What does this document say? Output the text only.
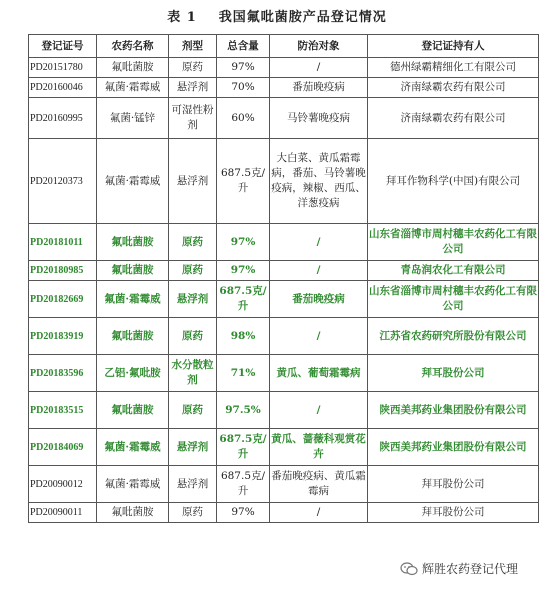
表 1 我国氟吡菌胺产品登记情况
登记证号	农药名称	剂型	总含量	防治对象	登记证持有人
PD20151780	氟吡菌胺	原药	97%	/	德州绿霸精细化工有限公司
PD20160046	氟菌·霜霉威	悬浮剂	70%	番茄晚疫病	济南绿霸农药有限公司
PD20160995	氟菌·锰锌	可湿性粉剂	60%	马铃薯晚疫病	济南绿霸农药有限公司
PD20120373	氟菌·霜霉威	悬浮剂	687.5克/升	大白菜、黄瓜霜霉病，番茄、马铃薯晚疫病，辣椒、西瓜、洋葱疫病	拜耳作物科学(中国)有限公司
PD20181011	氟吡菌胺	原药	97%	/	山东省淄博市周村穗丰农药化工有限公司
PD20180985	氟吡菌胺	原药	97%	/	青岛润农化工有限公司
PD20182669	氟菌·霜霉威	悬浮剂	687.5克/升	番茄晚疫病	山东省淄博市周村穗丰农药化工有限公司
PD20183919	氟吡菌胺	原药	98%	/	江苏省农药研究所股份有限公司
PD20183596	乙铝·氟吡胺	水分散粒剂	71%	黄瓜、葡萄霜霉病	拜耳股份公司
PD20183515	氟吡菌胺	原药	97.5%	/	陕西美邦药业集团股份有限公司
PD20184069	氟菌·霜霉威	悬浮剂	687.5克/升	黄瓜、蔷薇科观赏花卉	陕西美邦药业集团股份有限公司
PD20090012	氟菌·霜霉威	悬浮剂	687.5克/升	番茄晚疫病、黄瓜霜霉病	拜耳股份公司
PD20090011	氟吡菌胺	原药	97%	/	拜耳股份公司
辉胜农药登记代理
